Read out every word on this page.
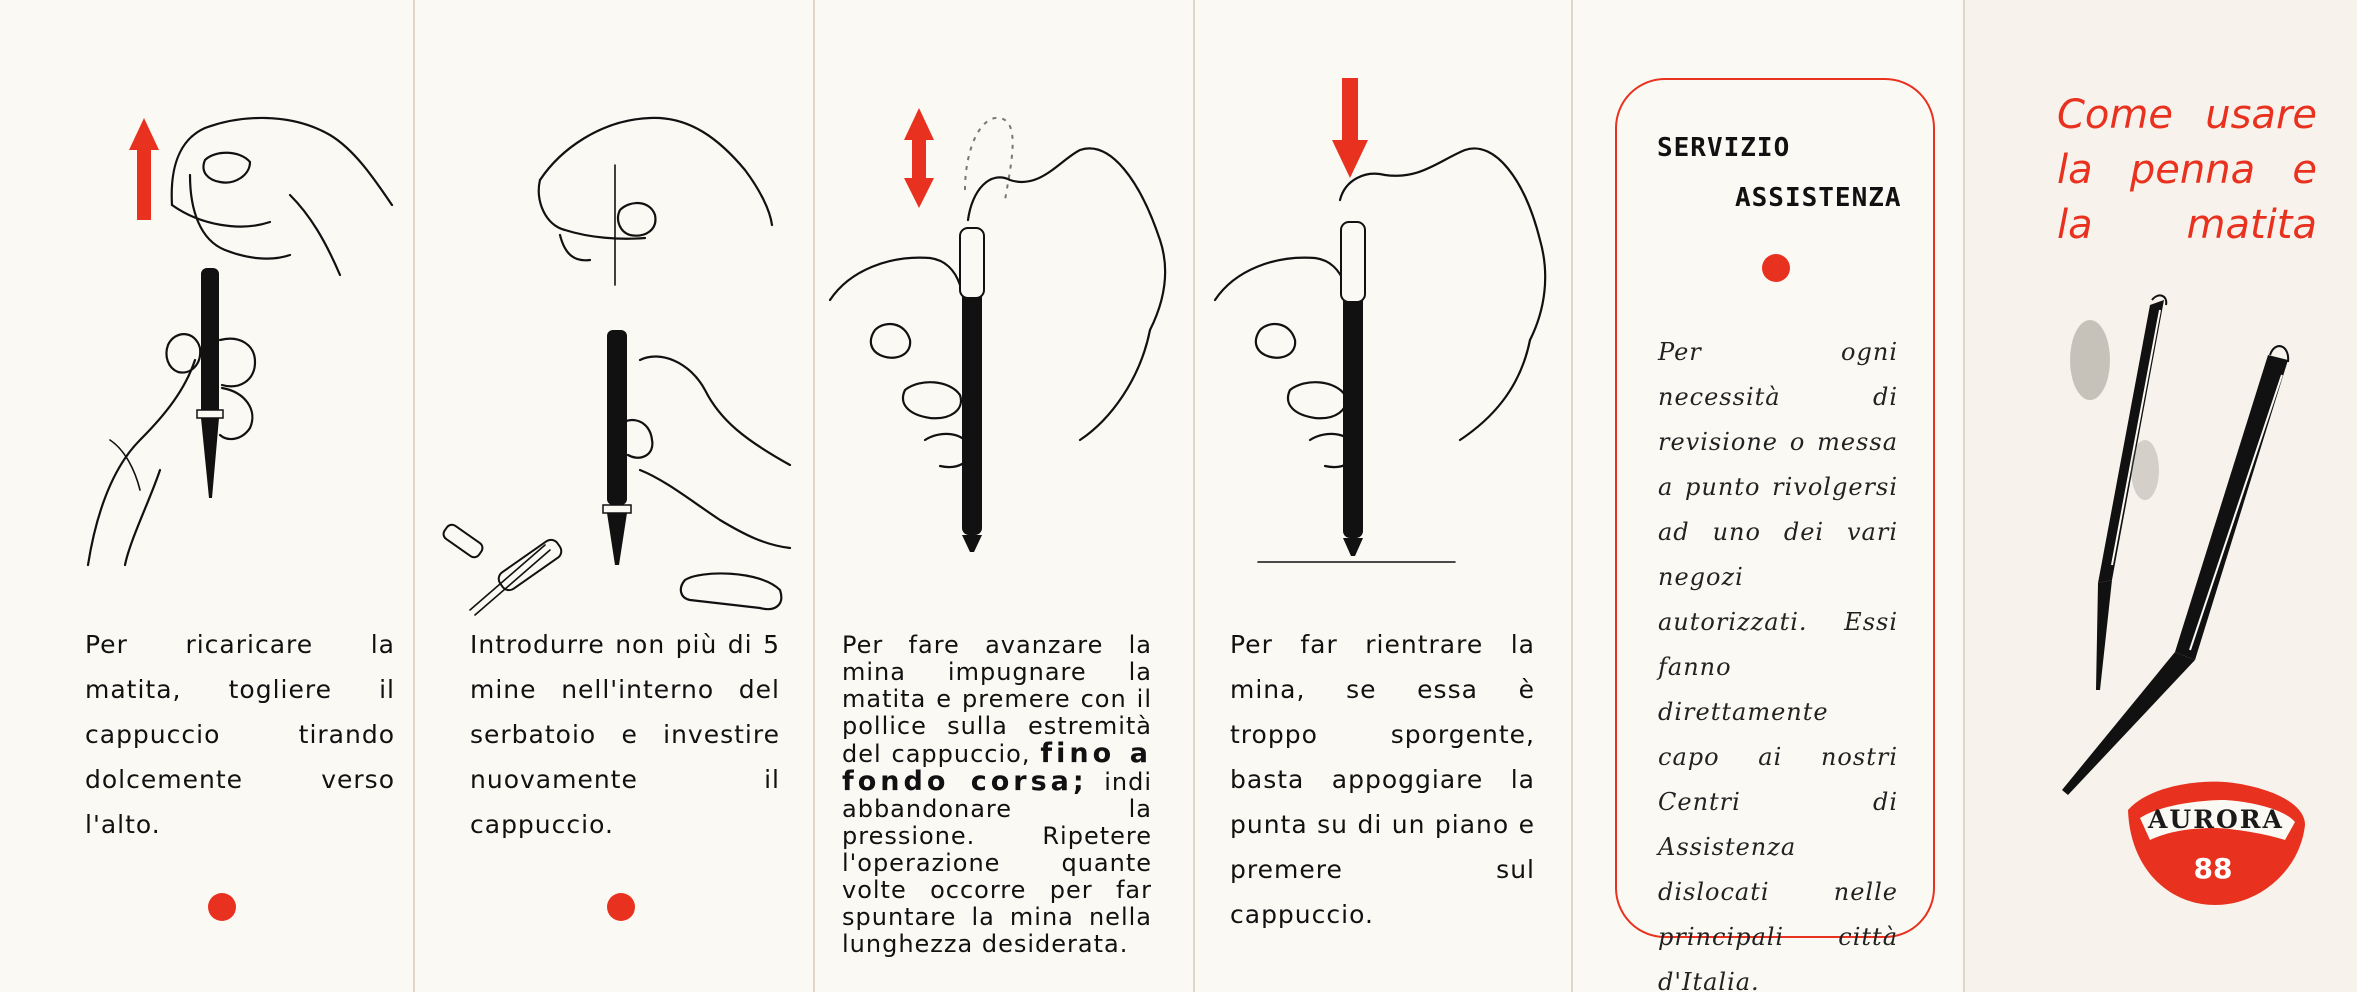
Per ricaricare la matita, togliere il cappuccio tirando dolcemente verso l'alto.
Introdurre non più di 5 mine nell'interno del serbatoio e investire nuovamente il cappuccio.
Per fare avanzare la mina impugnare la matita e premere con il pollice sulla estremità del cappuccio, fino a fondo corsa; indi abbandonare la pressione. Ripetere l'operazione quante volte occorre per far spuntare la mina nella lunghezza desiderata.
Per far rientrare la mina, se essa è troppo sporgente, basta appoggiare la punta su di un piano e premere sul cappuccio.
SERVIZIO
ASSISTENZA
Per ogni necessità di revisione o messa a punto rivolgersi ad uno dei vari negozi autorizzati. Essi fanno direttamente capo ai nostri Centri di Assistenza dislocati nelle principali città d'Italia.
Come usare
la penna e
la matita
AURORA
88
